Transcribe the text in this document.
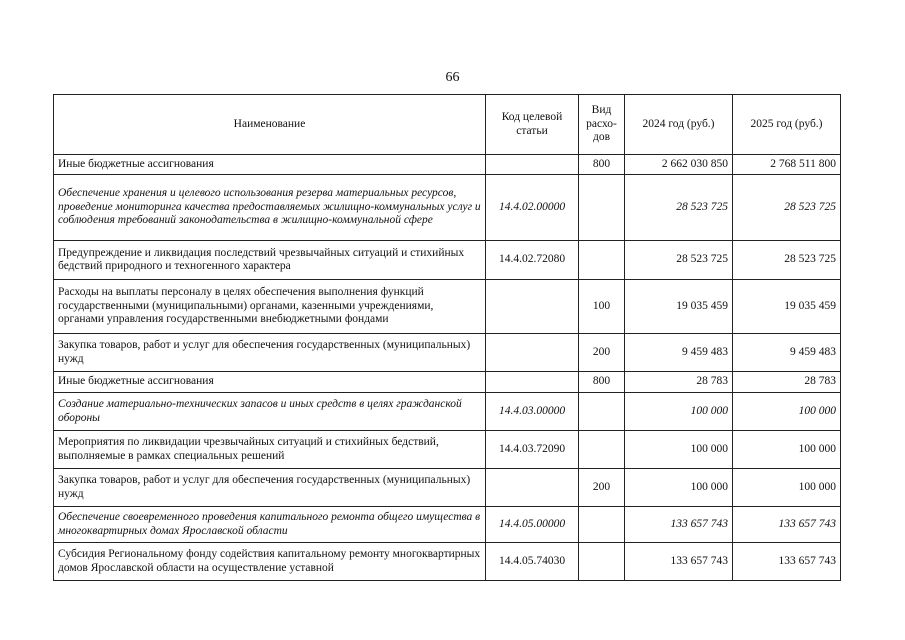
66
Наименование	Код целевой статьи	Вид расхо-дов	2024 год (руб.)	2025 год (руб.)
Иные бюджетные ассигнования		800	2 662 030 850	2 768 511 800
Обеспечение хранения и целевого использования резерва материальных ресурсов, проведение мониторинга качества предоставляемых жилищно-коммунальных услуг и соблюдения требований законодательства в жилищно-коммунальной сфере	14.4.02.00000		28 523 725	28 523 725
Предупреждение и ликвидация последствий чрезвычайных ситуаций и стихийных бедствий природного и техногенного характера	14.4.02.72080		28 523 725	28 523 725
Расходы на выплаты персоналу в целях обеспечения выполнения функций государственными (муниципальными) органами, казенными учреждениями, органами управления государственными внебюджетными фондами		100	19 035 459	19 035 459
Закупка товаров, работ и услуг для обеспечения государственных (муниципальных) нужд		200	9 459 483	9 459 483
Иные бюджетные ассигнования		800	28 783	28 783
Создание материально-технических запасов и иных средств в целях гражданской обороны	14.4.03.00000		100 000	100 000
Мероприятия по ликвидации чрезвычайных ситуаций и стихийных бедствий, выполняемые в рамках специальных решений	14.4.03.72090		100 000	100 000
Закупка товаров, работ и услуг для обеспечения государственных (муниципальных) нужд		200	100 000	100 000
Обеспечение своевременного проведения капитального ремонта общего имущества в многоквартирных домах Ярославской области	14.4.05.00000		133 657 743	133 657 743
Субсидия Региональному фонду содействия капитальному ремонту многоквартирных домов Ярославской области на осуществление уставной	14.4.05.74030		133 657 743	133 657 743
